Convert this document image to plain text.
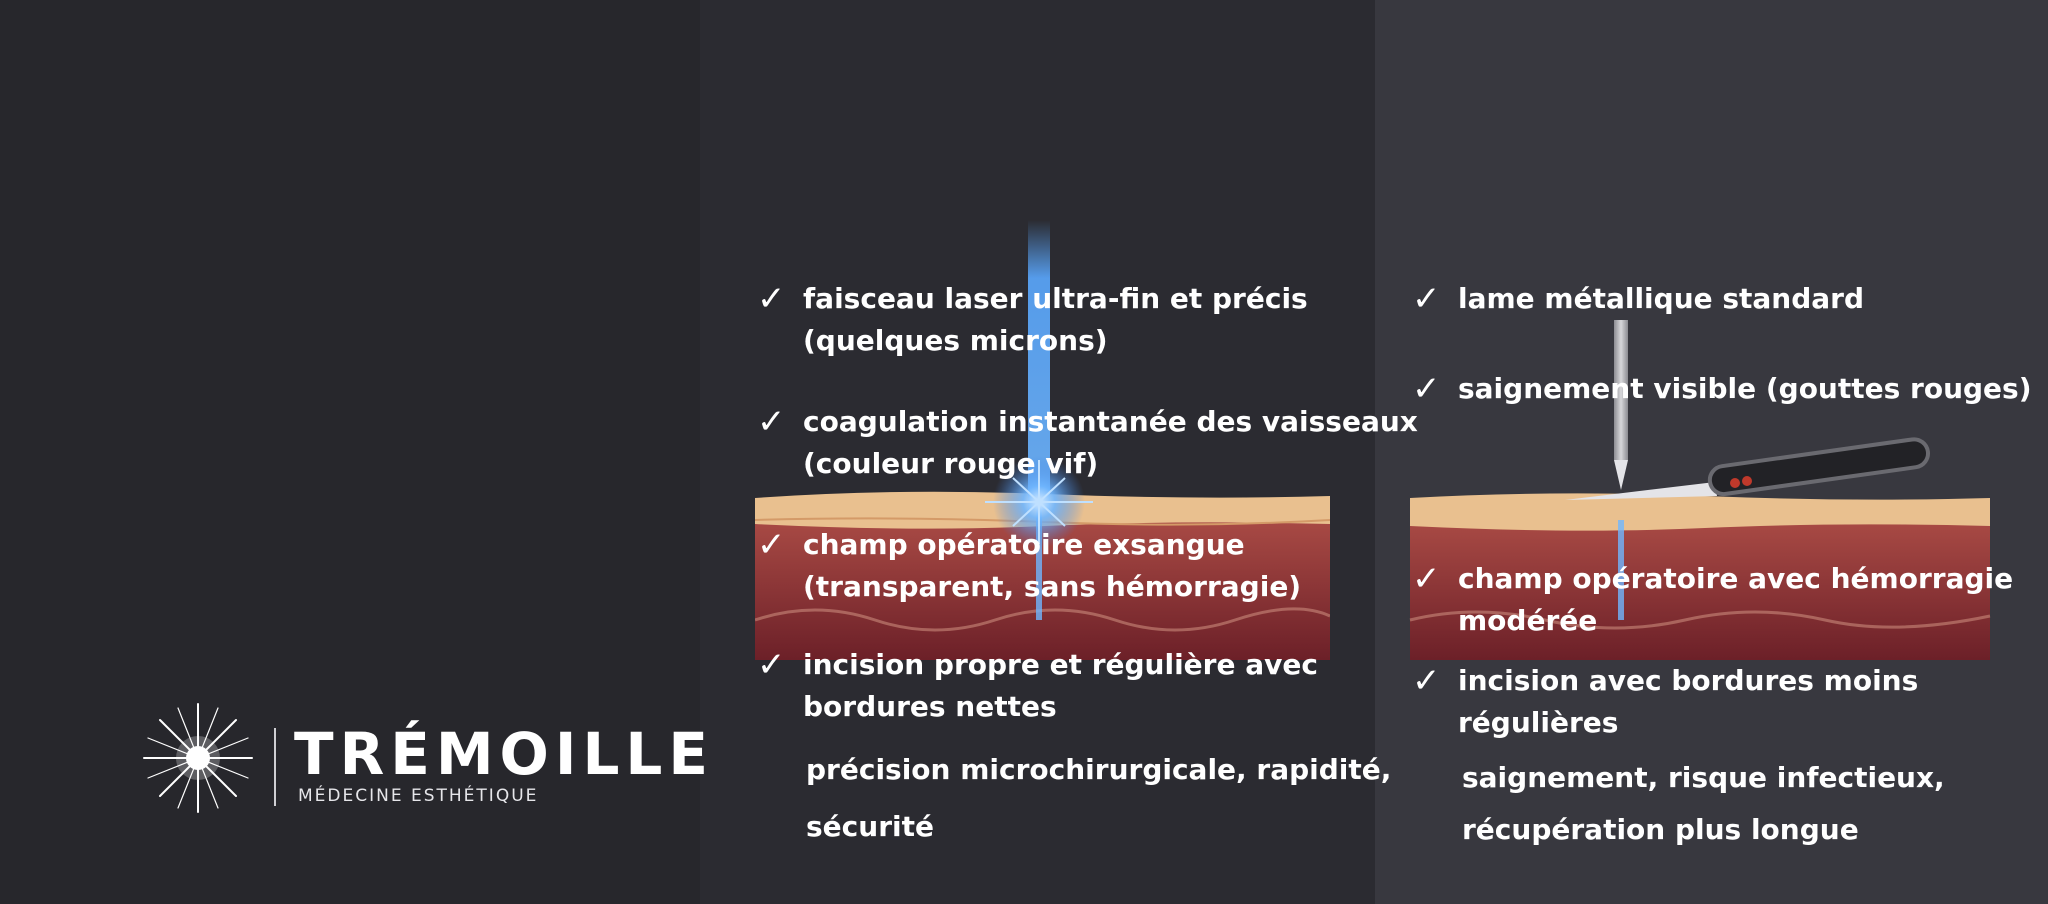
TRÉMOILLE
MÉDECINE ESTHÉTIQUE
✓ faisceau laser ultra-fin et précis
(quelques microns)
✓ coagulation instantanée des vaisseaux
(couleur rouge vif)
✓ champ opératoire exsangue
(transparent, sans hémorragie)
✓ incision propre et régulière avec
bordures nettes
précision microchirurgicale, rapidité,
sécurité
✓ lame métallique standard
✓ saignement visible (gouttes rouges)
✓ champ opératoire avec hémorragie
modérée
✓ incision avec bordures moins
régulières
saignement, risque infectieux,
récupération plus longue
